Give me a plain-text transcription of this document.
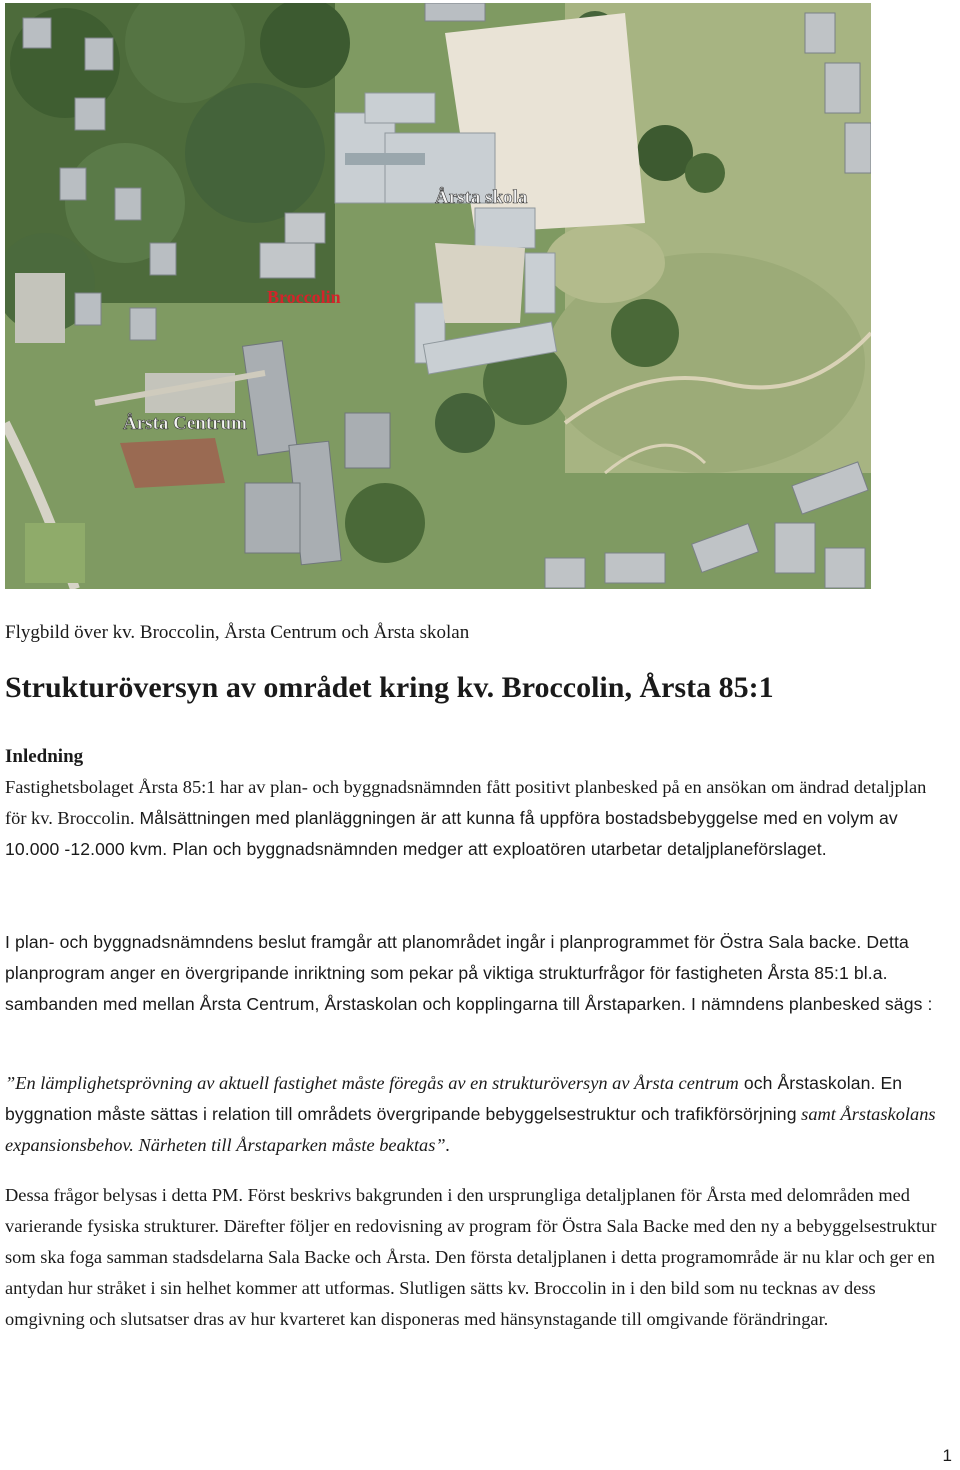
Årsta skola
Broccolin
Årsta Centrum

Flygbild över kv. Broccolin, Årsta Centrum och Årsta skolan

Strukturöversyn av området kring kv. Broccolin, Årsta 85:1
Inledning

Fastighetsbolaget Årsta 85:1 har av plan- och byggnadsnämnden fått positivt planbesked på en ansökan om ändrad detaljplan för kv. Broccolin. Målsättningen med planläggningen är att kunna få uppföra bostadsbebyggelse med en volym av 10.000 -12.000 kvm. Plan och byggnadsnämnden medger att exploatören utarbetar detaljplaneförslaget.

I plan- och byggnadsnämndens beslut framgår att planområdet ingår i planprogrammet för Östra Sala backe. Detta planprogram anger en övergripande inriktning som pekar på viktiga strukturfrågor för fastigheten Årsta 85:1 bl.a. sambanden med mellan Årsta Centrum, Årstaskolan och kopplingarna till Årstaparken. I nämndens planbesked sägs :

”En lämplighetsprövning av aktuell fastighet måste föregås av en strukturöversyn av Årsta centrum och Årstaskolan. En byggnation måste sättas i relation till områdets övergripande bebyggelsestruktur och trafikförsörjning samt Årstaskolans expansionsbehov. Närheten till Årstaparken måste beaktas”.

Dessa frågor belysas i detta PM. Först beskrivs bakgrunden i den ursprungliga detaljplanen för Årsta med delområden med varierande fysiska strukturer. Därefter följer en redovisning av program för Östra Sala Backe med den ny a bebyggelsestruktur som ska foga samman stadsdelarna Sala Backe och Årsta. Den första detaljplanen i detta programområde är nu klar och ger en antydan hur stråket i sin helhet kommer att utformas. Slutligen sätts kv. Broccolin in i den bild som nu tecknas av dess omgivning och slutsatser dras av hur kvarteret kan disponeras med hänsynstagande till omgivande förändringar.

1
